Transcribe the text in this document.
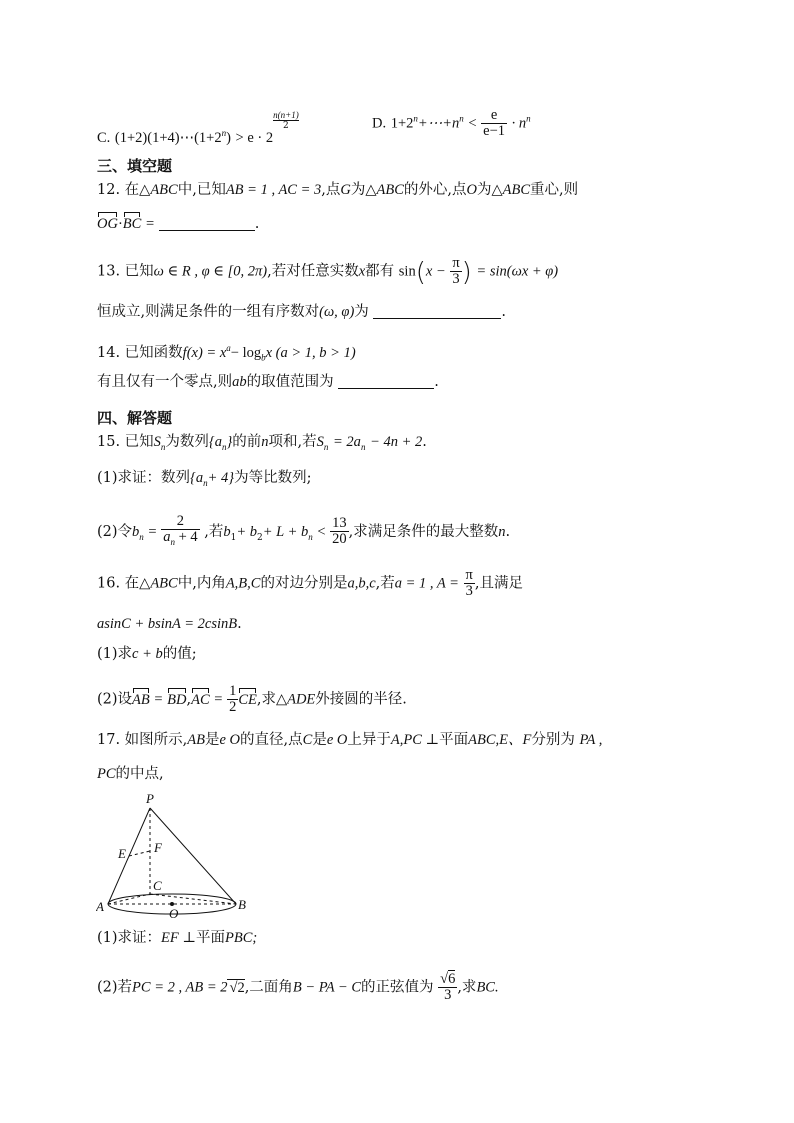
C. $(1+2)(1+4)\cdots(1+2^n) > e \cdot 2$
$\frac{n(n+1)}{2}$	D. $1+2^n+\cdots+n^n < \frac{e}{e-1} \cdot n^n$
三、填空题
12. 在△ABC中,已知AB = 1 , AC = 3,点G为△ABC的外心,点O为△ABC重心,则
OG·BC =	.
13. 已知ω ∈ R , φ ∈ [0, 2π),若对任意实数x都有 $\sin(x - \frac{\pi}{3}$ ) = sin(ωx + φ)
恒成立,则满足条件的一组有序数对(ω, φ)为	.
14. 已知函数$f(x) = x^a- \log_bx$ (a > 1, b > 1)
有且仅有一个零点,则ab的取值范围为	.
四、解答题
15. 已知$S_n$为数列$\{a_n\}$的前n项和,若$S_n = 2a_n - 4n + 2$.
(1)求证：数列$\{a_n+ 4\}$为等比数列;
(2)令$b_n = \frac{2}{a_n + 4}$ ,若$b_1+ b_2+ L + b_n < \frac{13}{20}$ ,求满足条件的最大整数n.
16. 在△ABC中,内角A,B,C的对边分别是a,b,c,若a = 1 , $A = \frac{\pi}{3}$ ,且满足
asinC + bsinA = 2csinB.
(1)求c + b的值;
(2)设AB = $BD,AC = \frac{1}{2}$ CE,求△ADE外接圆的半径.
17. 如图所示,AB是e O的直径,点C是e O上异于A,PC ⊥平面ABC,E、F分别为 PA ,
PC的中点,
P
E F
C
A	O
B
(1)求证：EF ⊥平面PBC;
(2)若PC = 2 , AB = 2 √2,二面角B − PA − C的正弦值为 $\frac{√6}{3}$ ,求BC.
